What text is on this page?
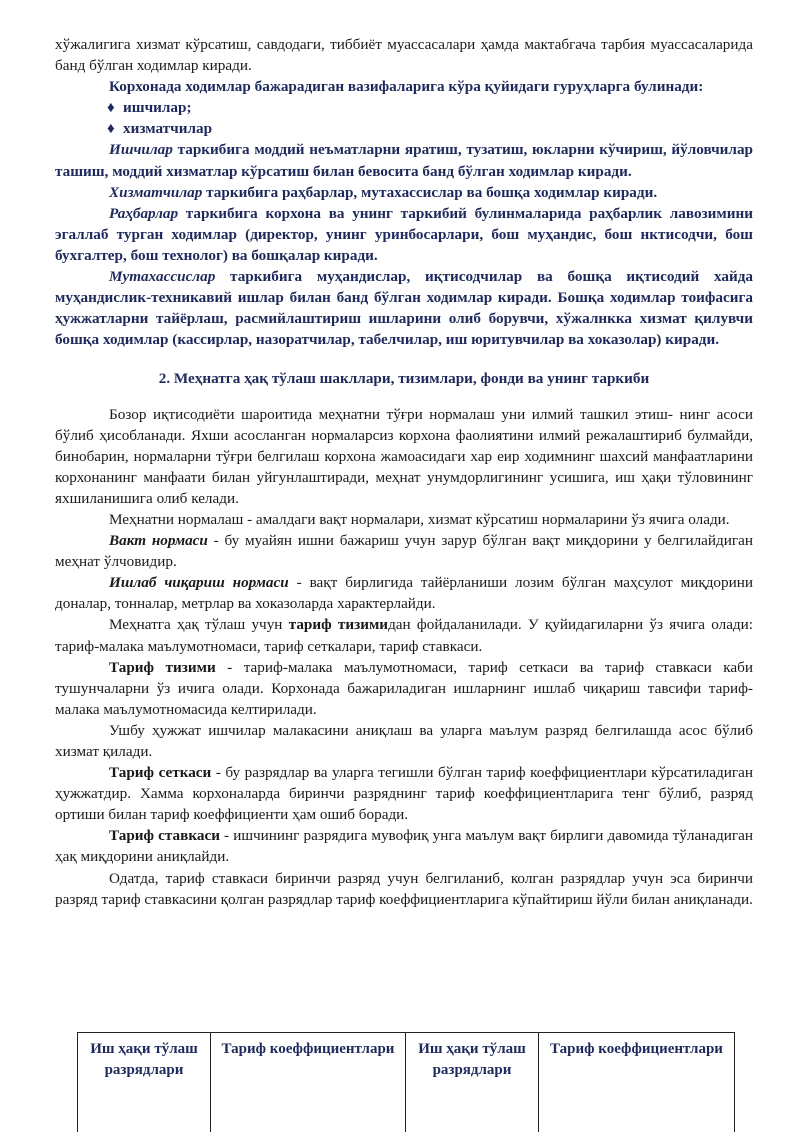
хўжалигига хизмат кўрсатиш, савдодаги, тиббиёт муассасалари ҳамда мактабгача тарбия муассасаларида банд бўлган ходимлар киради.

Корхонада ходимлар бажарадиган вазифаларига кўра қуйидаги гуруҳларга булинади:

♦ ишчилар;

♦ хизматчилар

Ишчилар таркибига моддий неъматларни яратиш, тузатиш, юкларни кўчириш, йўловчилар ташиш, моддий хизматлар кўрсатиш билан бевосита банд бўлган ходимлар киради.

Хизматчилар таркибига раҳбарлар, мутахассислар ва бошқа ходимлар киради.

Раҳбарлар таркибига корхона ва унинг таркибий булинмаларида раҳбарлик лавозимини эгаллаб турган ходимлар (директор, унинг уринбосарлари, бош муҳандис, бош нктисодчи, бош бухгалтер, бош технолог) ва бошқалар киради.

Мутахассислар таркибига муҳандислар, иқтисодчилар ва бошқа иқтисодий хайда муҳандислик-техникавий ишлар билан банд бўлган ходимлар киради. Бошқа ходимлар тоифасига ҳужжатларни тайёрлаш, расмийлаштириш ишларини олиб борувчи, хўжалнкка хизмат қилувчи бошқа ходимлар (кассирлар, назоратчилар, табелчилар, иш юритувчилар ва хоказолар) киради.

2. Меҳнатга ҳақ тўлаш шакллари, тизимлари, фонди ва унинг таркиби

Бозор иқтисодиёти шароитида меҳнатни тўғри нормалаш уни илмий ташкил этиш- нинг асоси бўлиб ҳисобланади. Яхши асосланган нормаларсиз корхона фаолиятини илмий режалаштириб булмайди, бинобарин, нормаларни тўғри белгилаш корхона жамоасидаги хар еир ходимнинг шахсий манфаатларини корхонанинг манфаати билан уйгунлаштиради, меҳнат унумдорлигининг усишига, иш ҳақи тўловининг яхшиланишига олиб келади.

Меҳнатни нормалаш - амалдаги вақт нормалари, хизмат кўрсатиш нормаларини ўз ячига олади.

Вакт нормаси - бу муайян ишни бажариш учун зарур бўлган вақт миқдорини у белгилайдиган меҳнат ўлчовидир.

Ишлаб чиқариш нормаси - вақт бирлигида тайёрланиши лозим бўлган маҳсулот миқдорини доналар, тонналар, метрлар ва хоказоларда характерлайди.

Меҳнатга ҳақ тўлаш учун тариф тизимидан фойдаланилади. У қуйидагиларни ўз ячига олади: тариф-малака маълумотномаси, тариф сеткалари, тариф ставкаси.

Тариф тизими - тариф-малака маълумотномаси, тариф сеткаси ва тариф ставкаси каби тушунчаларни ўз ичига олади. Корхонада бажариладиган ишларнинг ишлаб чиқариш тавсифи тариф-малака маълумотномасида келтирилади.

Ушбу ҳужжат ишчилар малакасини аниқлаш ва уларга маълум разряд белгилашда асос бўлиб хизмат қилади.

Тариф сеткаси - бу разрядлар ва уларга тегишли бўлган тариф коеффициентлари кўрсатиладиган ҳужжатдир. Хамма корхоналарда биринчи разряднинг тариф коеффициентларига тенг бўлиб, разряд ортиши билан тариф коеффициенти ҳам ошиб боради.

Тариф ставкаси - ишчининг разрядига мувофиқ унга маълум вақт бирлиги давомида тўланадиган ҳақ миқдорини аниқлайди.

Одатда, тариф ставкаси биринчи разряд учун белгиланиб, колган разрядлар учун эса биринчи разряд тариф ставкасини қолган разрядлар тариф коеффициентларига кўпайтириш йўли билан аниқланади.

Иш ҳақи тўлаш разрядлари
Тариф коеффициентлари	Иш ҳақи тўлаш разрядлари
Тариф коеффициентлари
